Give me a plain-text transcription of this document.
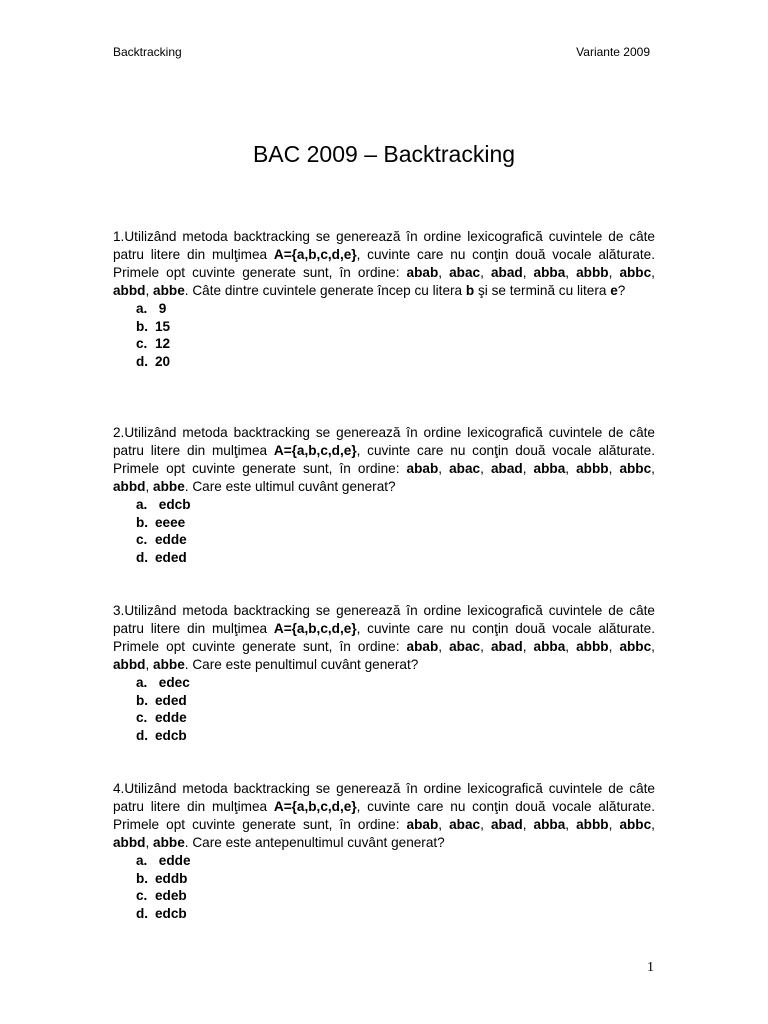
Backtracking	Variante 2009
BAC 2009 – Backtracking

1.Utilizând metoda backtracking se generează în ordine lexicografică cuvintele de câte patru litere din mulţimea A={a,b,c,d,e}, cuvinte care nu conţin două vocale alăturate. Primele opt cuvinte generate sunt, în ordine: abab, abac, abad, abba, abbb, abbc, abbd, abbe. Câte dintre cuvintele generate încep cu litera b şi se termină cu litera e?

a. 9
b. 15
c. 12
d. 20

2.Utilizând metoda backtracking se generează în ordine lexicografică cuvintele de câte patru litere din mulţimea A={a,b,c,d,e}, cuvinte care nu conţin două vocale alăturate. Primele opt cuvinte generate sunt, în ordine: abab, abac, abad, abba, abbb, abbc, abbd, abbe. Care este ultimul cuvânt generat?

a. edcb
b. eeee
c. edde
d. eded

3.Utilizând metoda backtracking se generează în ordine lexicografică cuvintele de câte patru litere din mulţimea A={a,b,c,d,e}, cuvinte care nu conţin două vocale alăturate. Primele opt cuvinte generate sunt, în ordine: abab, abac, abad, abba, abbb, abbc, abbd, abbe. Care este penultimul cuvânt generat?

a. edec
b. eded
c. edde
d. edcb

4.Utilizând metoda backtracking se generează în ordine lexicografică cuvintele de câte patru litere din mulţimea A={a,b,c,d,e}, cuvinte care nu conţin două vocale alăturate. Primele opt cuvinte generate sunt, în ordine: abab, abac, abad, abba, abbb, abbc, abbd, abbe. Care este antepenultimul cuvânt generat?

a. edde
b. eddb
c. edeb
d. edcb
1
